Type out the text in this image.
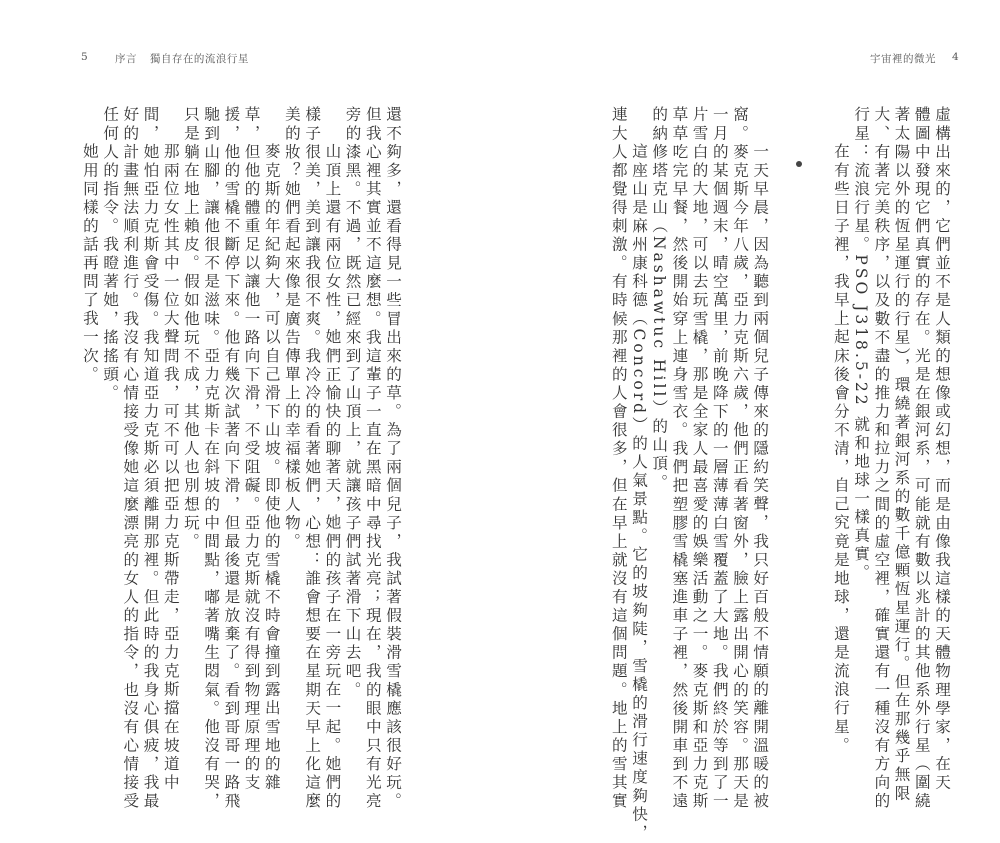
5	序言 獨自存在的流浪行星
還不夠多，還看得見一些冒出來的草。為了兩個兒子，我試著假裝滑雪橇應該很好玩。
但我心裡其實並不這麼想。我這輩子一直在黑暗中尋找光亮；現在，我的眼中只有光亮
旁的漆黑。不過，既然已經來到了山頂上，就讓孩子們試著滑下山去吧。
山頂上還有兩位女性，她們正愉快的聊著天，她們的孩子在一旁玩在一起。她們的
樣子很美，美到讓我很不爽。我冷冷的看著她們，心想：誰會想要在星期天早上化這麼
美的妝？她們看起來像是廣告傳單上的幸福樣板人物。
麥克斯的年紀夠大，可以自己滑下山坡。即使他的雪橇不時會撞到露出雪地的雜
草，但他的體重足以讓他一路向下滑，不受阻礙。亞力克斯就沒有得到物理原理的支
援，他的雪橇不斷停下來。他有幾次試著向下滑，但最後還是放棄了。看到哥哥一路飛
馳到山腳，讓他很不是滋味。亞力克斯卡在斜坡的中間點，嘟著嘴生悶氣。他沒有哭，
只是躺在地上賴皮。假如他玩不成，其他人也別想玩。
那兩位女性其中一位大聲問我，可不可以把亞力克斯帶走，亞力克斯擋在坡道中
間，她怕亞力克斯會受傷。我知道亞力克斯必須離開那裡。但此時的我身心俱疲，我最
好的計畫無法順利進行。我沒有心情接受像她這麼漂亮的女人的指令，也沒有心情接受
任何人的指令。我瞪著她，搖搖頭。
她用同樣的話再問了我一次。
宇宙裡的微光 4
虛構出來的，它們並不是人類的想像或幻想，而是由像我這樣的天體物理學家，在天
體圖中發現它們真實的存在。光是在銀河系，可能就有數以兆計的其他系外行星（圍繞
著太陽以外的恆星運行的行星），環繞著銀河系的數千億顆恆星運行。但在那幾乎無限
大、有著完美秩序，以及數不盡的推力和拉力之間的虛空裡，確實還有一種沒有方向的
行星：流浪行星。PSO J318.5-22 就和地球一樣真實。
在有些日子裡，我早上起床後會分不清，自己究竟是地球，還是流浪行星。
一天早晨，因為聽到兩個兒子傳來的隱約笑聲，我只好百般不情願的離開溫暖的被
窩。麥克斯今年八歲，亞力克斯六歲，他們正看著窗外，臉上露出開心的笑容。那天是
一月的某個週末，晴空萬里，前晚降下的一層薄薄白雪覆蓋了大地。我們終於等到了一
片雪白的大地，可以去玩雪橇，那是全家人最喜愛的娛樂活動之一。麥克斯和亞力克斯
草草吃完早餐，然後開始穿上連身雪衣。我們把塑膠雪橇塞進車子裡，然後開車到不遠
的納修塔克山（Nashawtuc Hill）的山頂。
這座山是麻州康科德（Concord）的人氣景點。它的坡夠陡，雪橇的滑行速度夠快，
連大人都覺得刺激。有時候那裡的人會很多，但在早上就沒有這個問題。地上的雪其實
